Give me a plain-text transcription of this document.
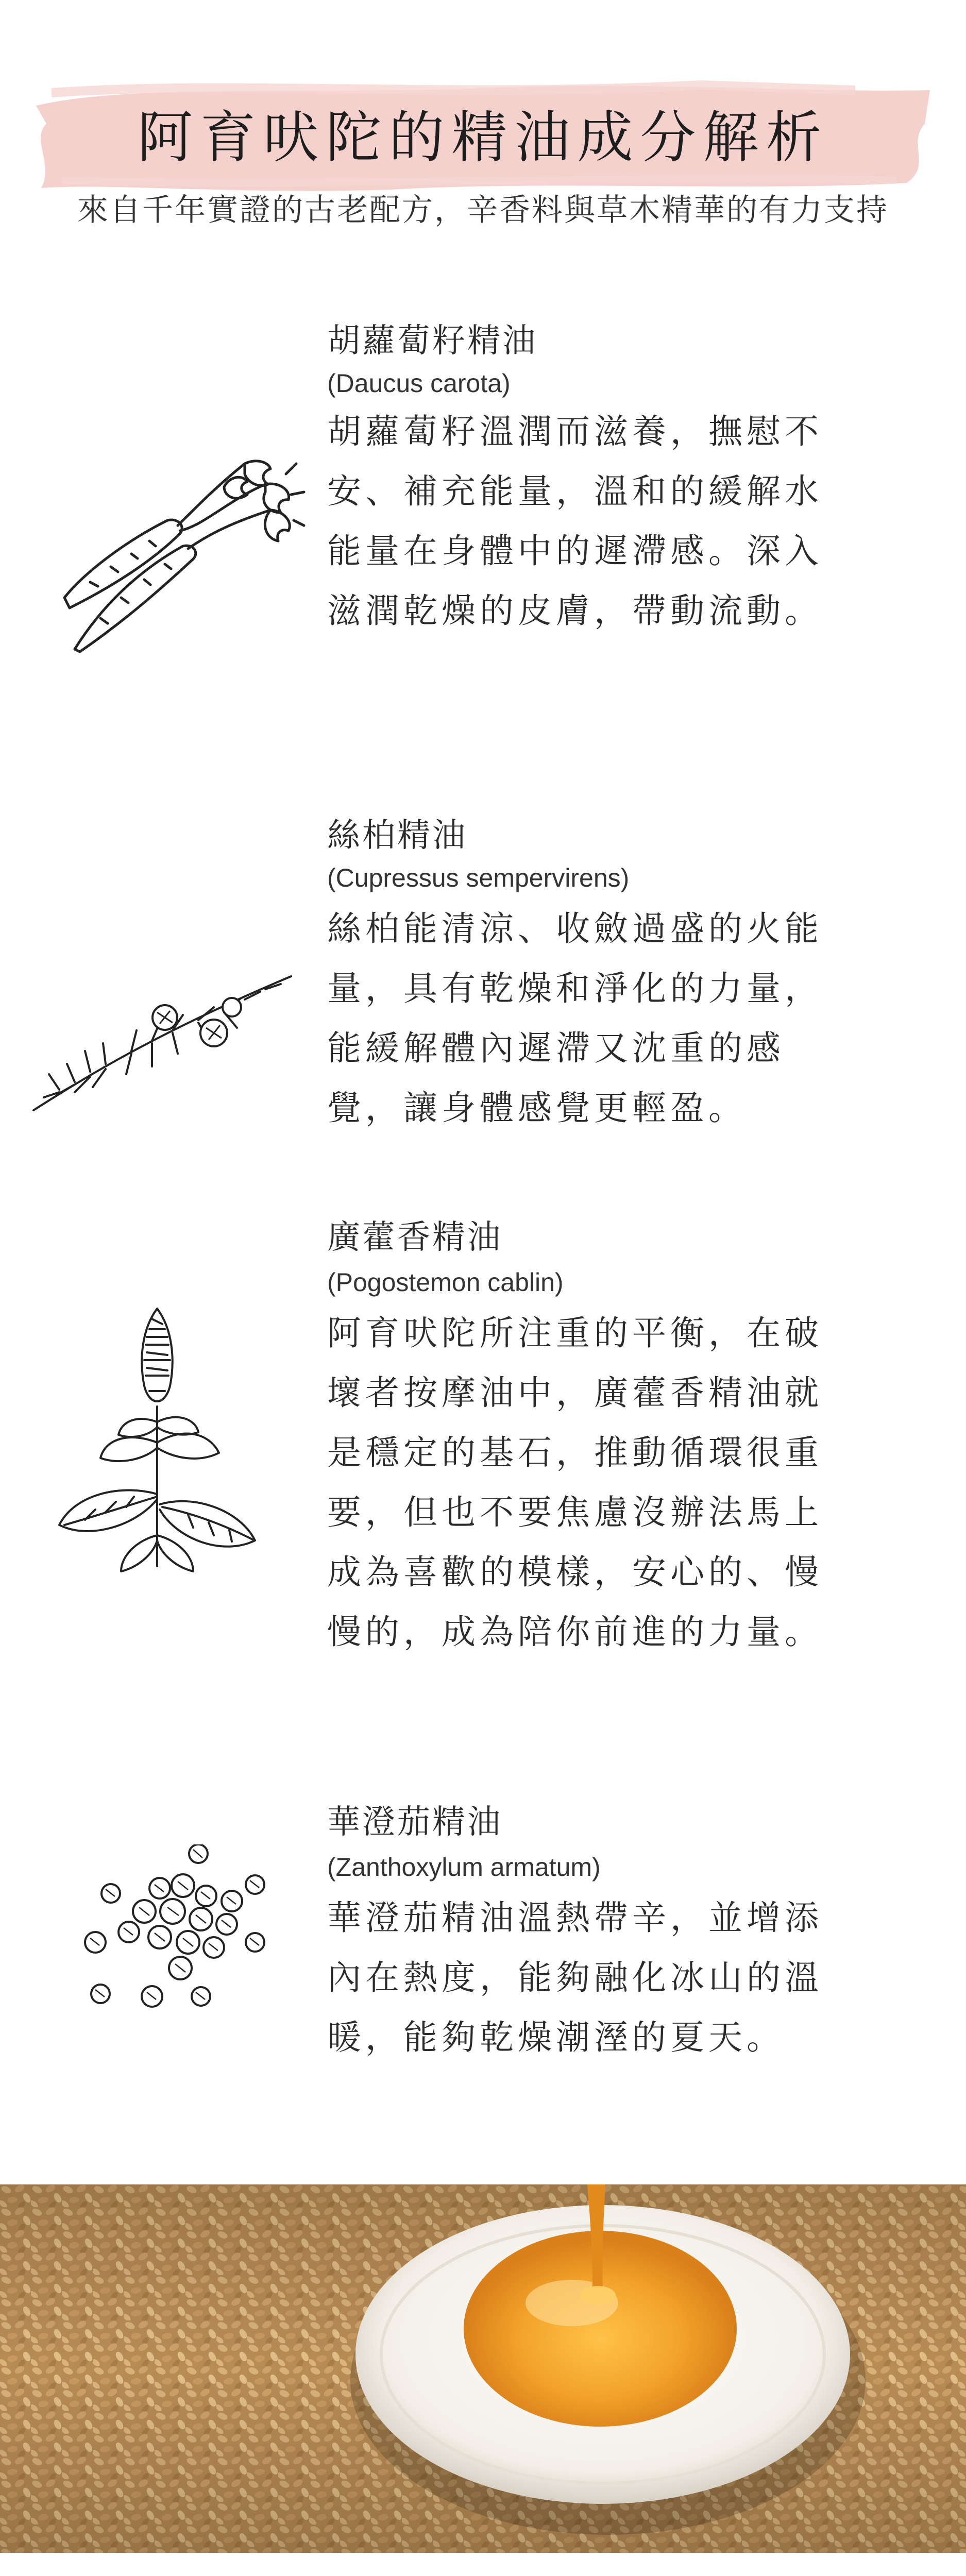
阿育吠陀的精油成分解析
來自千年實證的古老配方，辛香料與草木精華的有力支持
胡蘿蔔籽精油
(Daucus carota)
胡蘿蔔籽溫潤而滋養，撫慰不
安、補充能量，溫和的緩解水
能量在身體中的遲滯感。深入
滋潤乾燥的皮膚，帶動流動。
絲柏精油
(Cupressus sempervirens)
絲柏能清涼、收斂過盛的火能
量，具有乾燥和淨化的力量，
能緩解體內遲滯又沈重的感
覺，讓身體感覺更輕盈。
廣藿香精油
(Pogostemon cablin)
阿育吠陀所注重的平衡，在破
壞者按摩油中，廣藿香精油就
是穩定的基石，推動循環很重
要，但也不要焦慮沒辦法馬上
成為喜歡的模樣，安心的、慢
慢的，成為陪你前進的力量。
華澄茄精油
(Zanthoxylum armatum)
華澄茄精油溫熱帶辛，並增添
內在熱度，能夠融化冰山的溫
暖，能夠乾燥潮溼的夏天。
